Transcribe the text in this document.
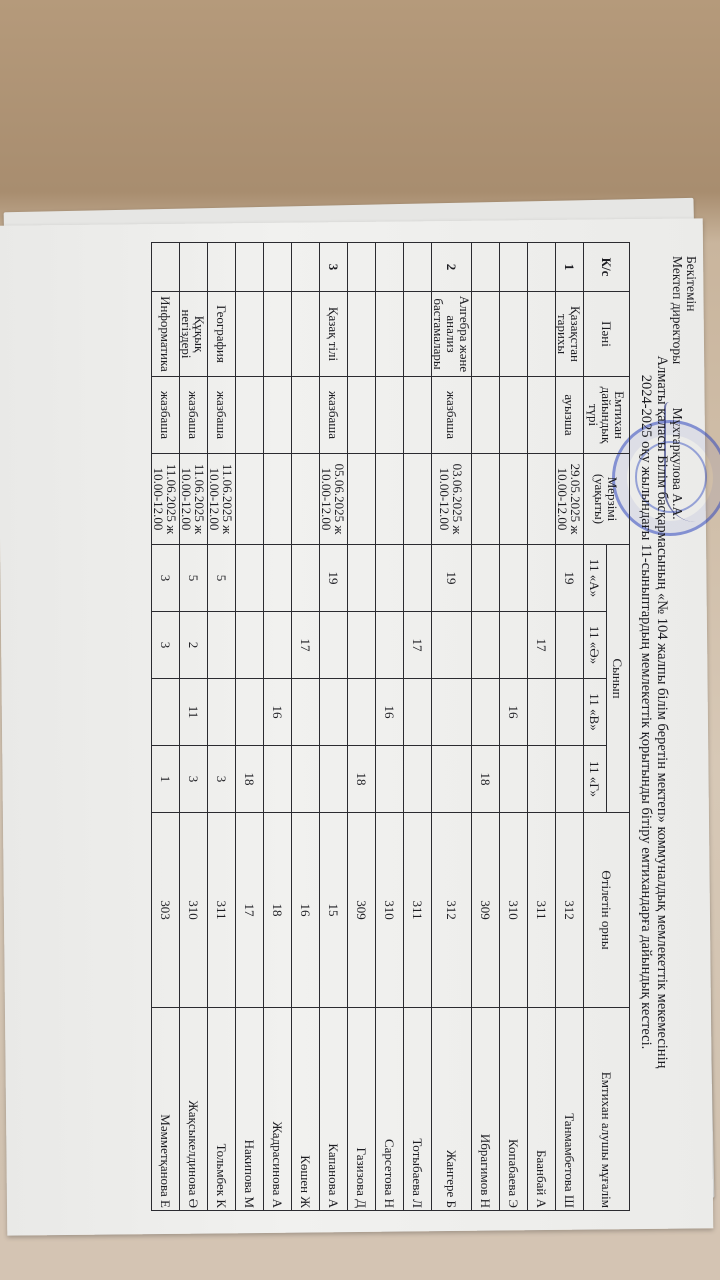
Бекітемін
Мектеп директоры Мұхтарқулова А.А.
Алматы қаласы Білім басқармасының «№ 104 жалпы білім беретін мектеп» коммуналдық мемлекеттік мекемесінің
2024-2025 оқу жылындағы 11-сыныптардың мемлекеттік қорытынды бітіру емтихандарға дайындық кестесі.
К/с	Пәні	Емтихан дайындық түрі	Мерзімі (уақыты)	Сынып				Өтілетін орны	Емтихан алушы мұғалім
				11 «А»	11 «Ә»	11 «В»	11 «Г»		
1	Қазақстан тарихы	ауызша	29.05.2025 ж 10.00-12.00	19				312	Танмамбетова Ш
					17			311	Баанбай А
						16		310	Копабаева Э
							18	309	Ибрагимов Н
2	Алгебра және анализ бастамалары	жазбаша	03.06.2025 ж 10.00-12.00	19				312	Жангере Б
					17			311	Тотыбаева Л
						16		310	Сарсетова Н
							18	309	Газизова Д
3	Қазақ тілі	жазбаша	05.06.2025 ж 10.00-12.00	19				15	Капанова А
					17			16	Көшен Ж
						16		18	Жадрасинова А
							18	17	Накипова М
	География	жазбаша	11.06.2025 ж 10.00-12.00	5			3	311	Тольмбек К
	Құқық негіздері	жазбаша	11.06.2025 ж 10.00-12.00	5	2	11	3	310	Жақсыкелдинова Ә
	Информатика	жазбаша	11.06.2025 ж 10.00-12.00	3	3		1	303	Мәмметқанова Е
